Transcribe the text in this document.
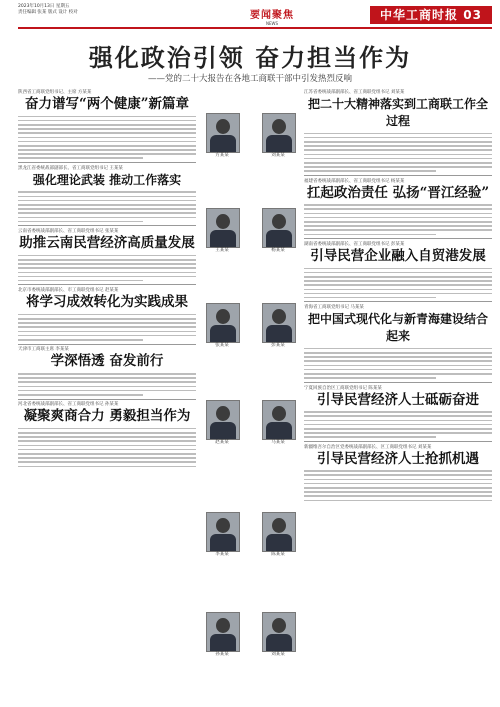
2023年10月13日 星期五
责任编辑 张某 版式 设计 校对	要闻聚焦
NEWS
中华工商时报 03
强化政治引领 奋力担当作为
——党的二十大报告在各地工商联干部中引发热烈反响
陕西省工商联党组书记、主席 方某某
奋力谱写“两个健康”新篇章
黑龙江省委统战部副部长、省工商联党组书记 王某某
强化理论武装 推动工作落实
云南省委统战部副部长、省工商联党组书记 张某某
助推云南民营经济高质量发展
北京市委统战部副部长、市工商联党组书记 赵某某
将学习成效转化为实践成果
天津市工商联主席 李某某
学深悟透 奋发前行
河北省委统战部副部长、省工商联党组书记 孙某某
凝聚爽商合力 勇毅担当作为
方某某	刘某某
王某某	杨某某
张某某	彭某某
赵某某	马某某
李某某	陈某某
孙某某	刘某某
江苏省委统战部副部长、省工商联党组书记 刘某某
把二十大精神落实到工商联工作全过程
福建省委统战部副部长、省工商联党组书记 杨某某
扛起政治责任 弘扬“晋江经验”
湖南省委统战部副部长、省工商联党组书记 彭某某
引导民营企业融入自贸港发展
青海省工商联党组书记 马某某
把中国式现代化与新青海建设结合起来
宁夏回族自治区工商联党组书记 陈某某
引导民营经济人士砥砺奋进
新疆维吾尔自治区党委统战部副部长、区工商联党组书记 刘某某
引导民营经济人士抢抓机遇
